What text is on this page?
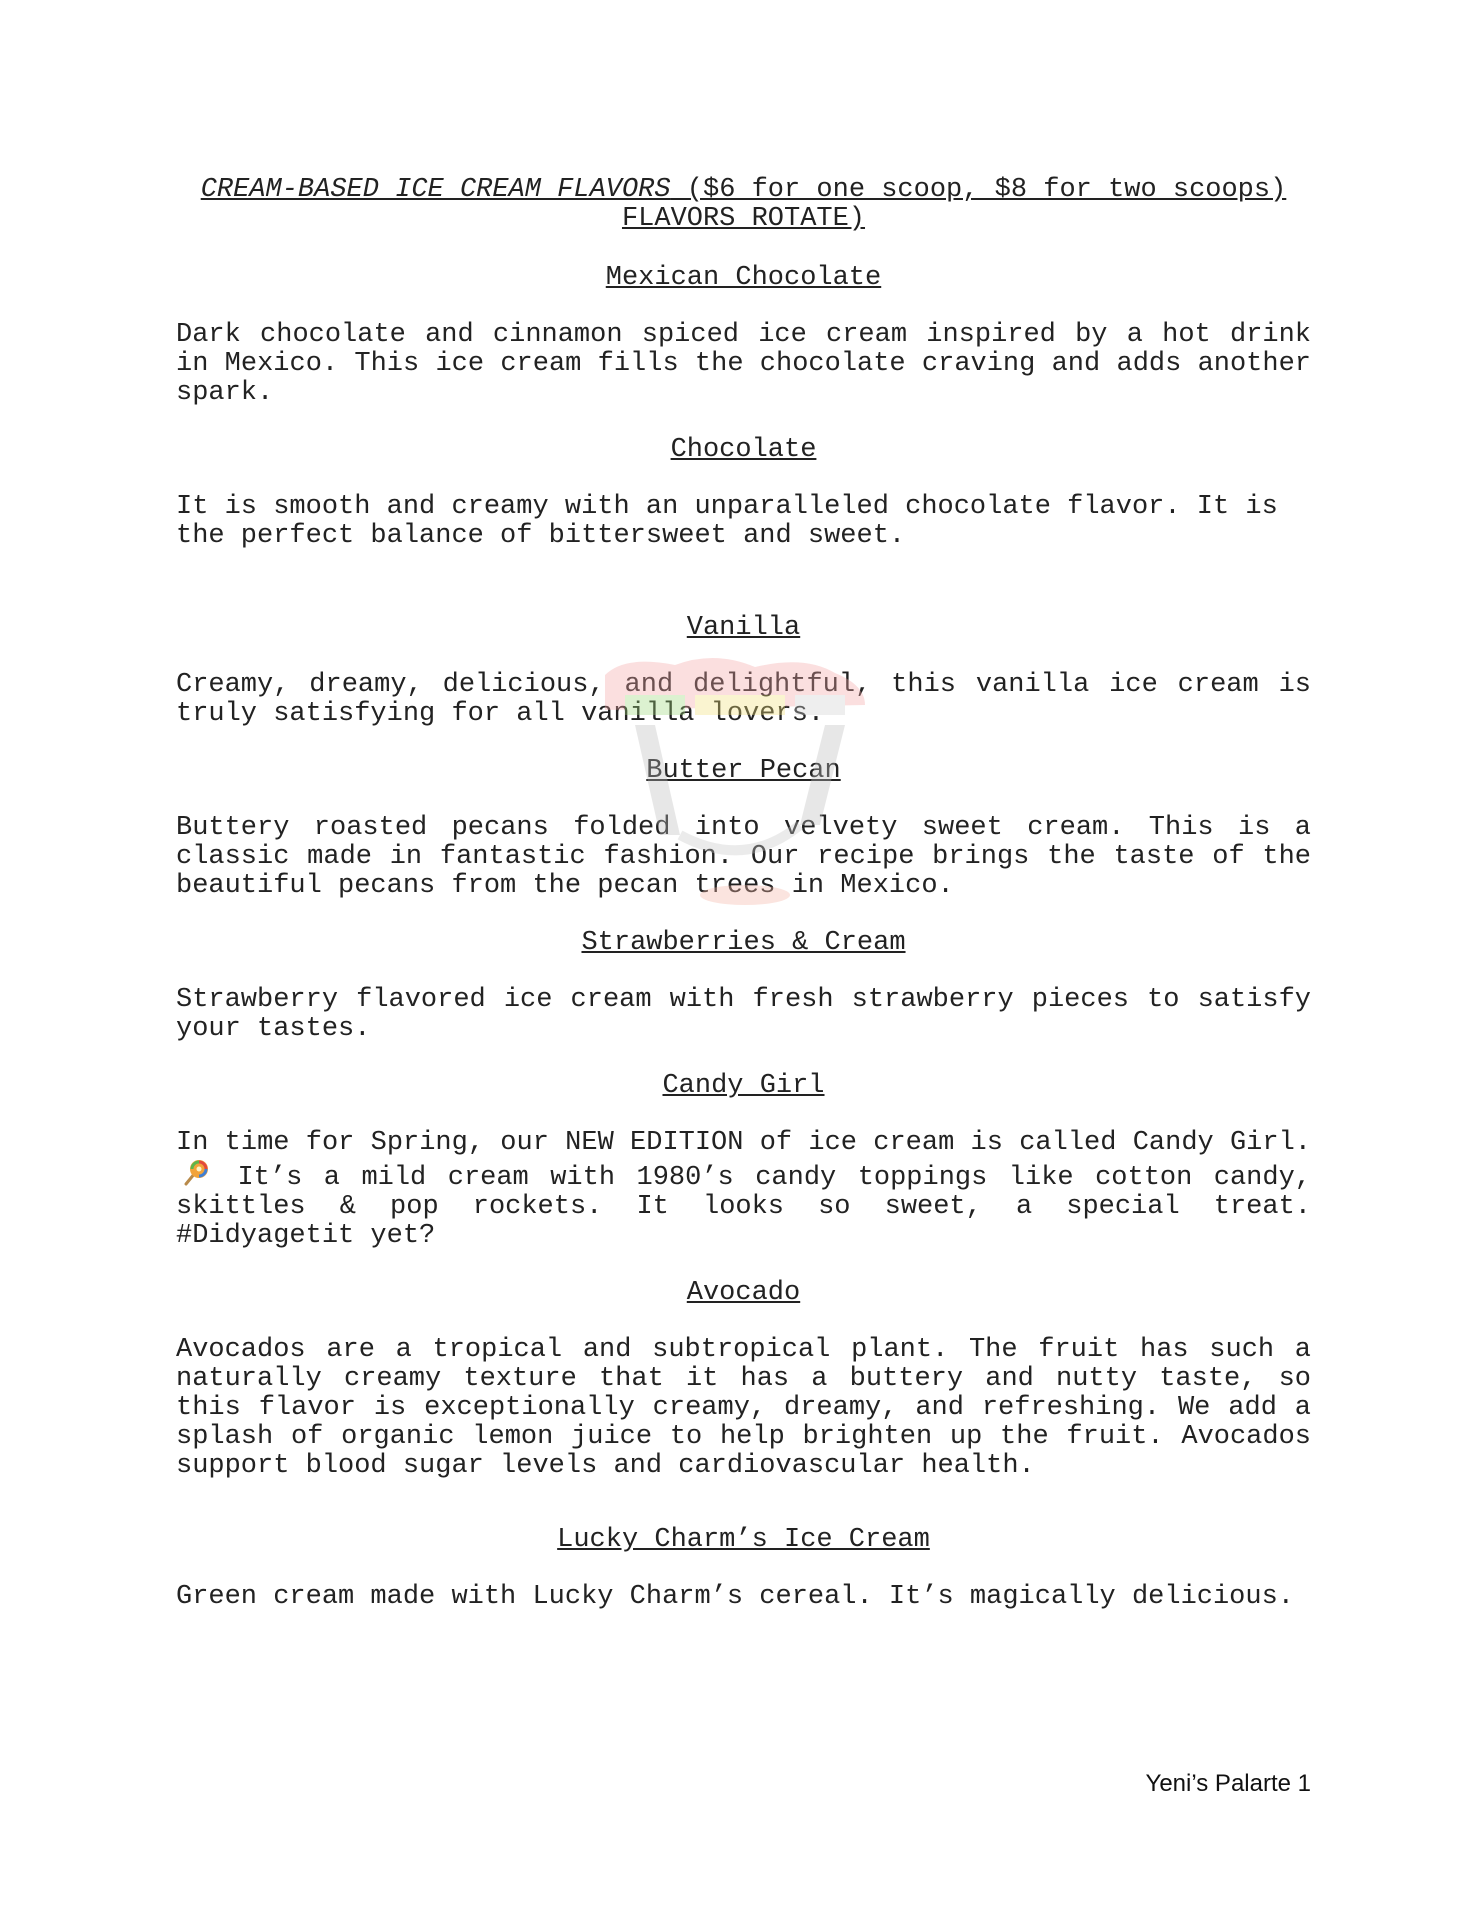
CREAM-BASED ICE CREAM FLAVORS ($6 for one scoop, $8 for two scoops) FLAVORS ROTATE)

Mexican Chocolate

Dark chocolate and cinnamon spiced ice cream inspired by a hot drink in Mexico. This ice cream fills the chocolate craving and adds another spark.

Chocolate

It is smooth and creamy with an unparalleled chocolate flavor. It is the perfect balance of bittersweet and sweet.

Vanilla

Creamy, dreamy, delicious, and delightful, this vanilla ice cream is truly satisfying for all vanilla lovers.

Butter Pecan

Buttery roasted pecans folded into velvety sweet cream. This is a classic made in fantastic fashion. Our recipe brings the taste of the beautiful pecans from the pecan trees in Mexico.

Strawberries & Cream

Strawberry flavored ice cream with fresh strawberry pieces to satisfy your tastes.

Candy Girl

In time for Spring, our NEW EDITION of ice cream is called Candy Girl.  It’s a mild cream with 1980’s candy toppings like cotton candy, skittles & pop rockets. It looks so sweet, a special treat. #Didyagetit yet?

Avocado

Avocados are a tropical and subtropical plant. The fruit has such a naturally creamy texture that it has a buttery and nutty taste, so this flavor is exceptionally creamy, dreamy, and refreshing. We add a splash of organic lemon juice to help brighten up the fruit. Avocados support blood sugar levels and cardiovascular health.

Lucky Charm’s Ice Cream

Green cream made with Lucky Charm’s cereal. It’s magically delicious.

Yeni’s Palarte 1
